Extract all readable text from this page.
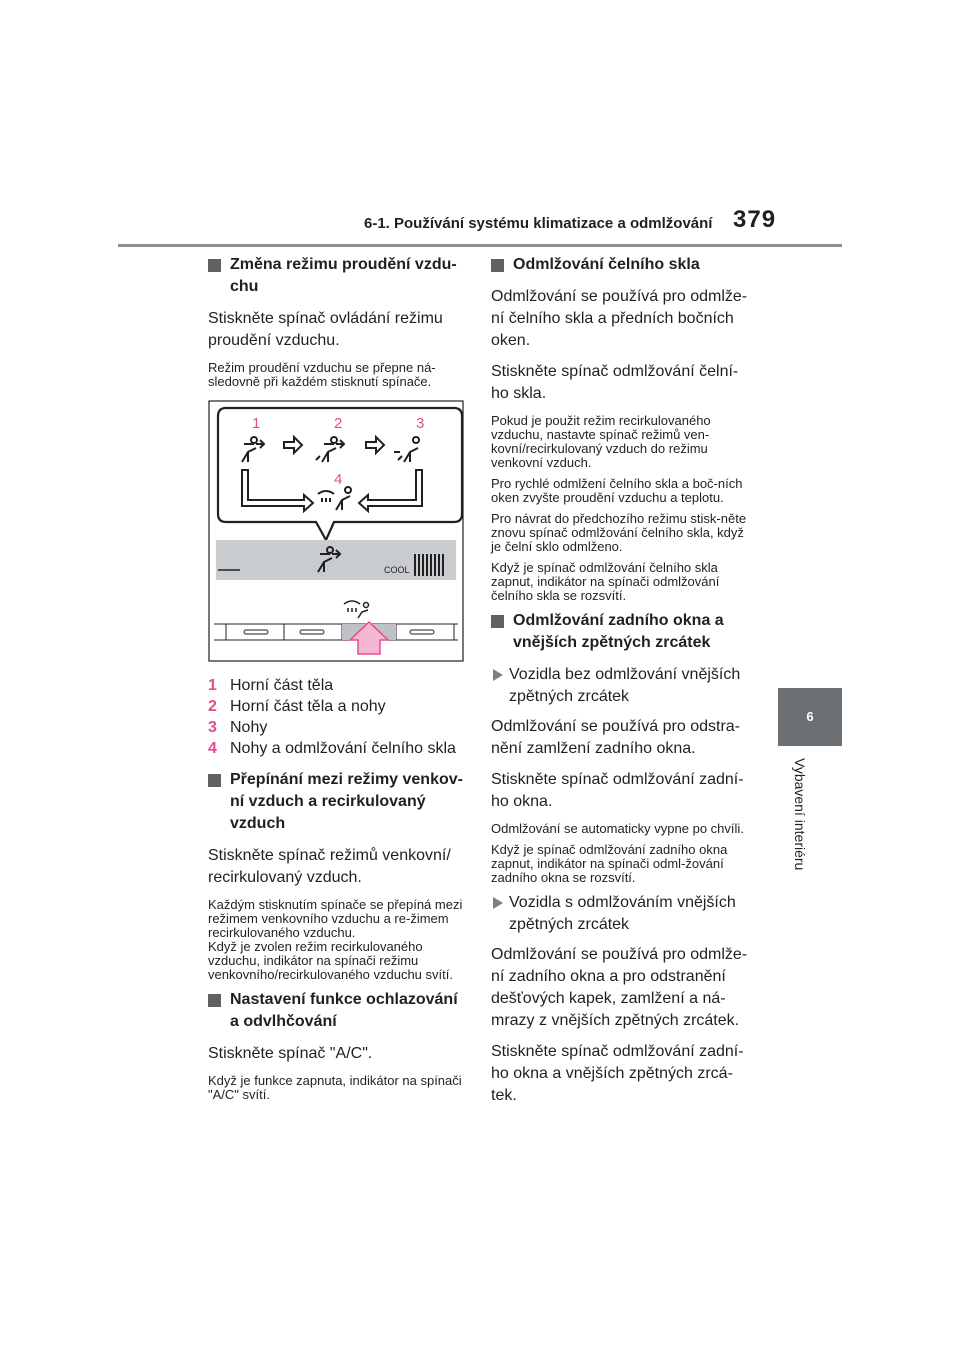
6-1. Používání systému klimatizace a odmlžování 379
6
Vybavení interiéru
Změna režimu proudění vzdu-chu
Stiskněte spínač ovládání režimu proudění vzduchu.
Režim proudění vzduchu se přepne ná-sledovně při každém stisknutí spínače.
1	2	3
4
COOL
1 Horní část těla
2 Horní část těla a nohy
3 Nohy
4 Nohy a odmlžování čelního skla
Přepínání mezi režimy venkov-ní vzduch a recirkulovaný vzduch
Stiskněte spínač režimů venkovní/ recirkulovaný vzduch.
Každým stisknutím spínače se přepíná mezi režimem venkovního vzduchu a re-žimem recirkulovaného vzduchu.
Když je zvolen režim recirkulovaného vzduchu, indikátor na spínači režimu venkovního/recirkulovaného vzduchu svítí.
Nastavení funkce ochlazování a odvlhčování
Stiskněte spínač "A/C".
Když je funkce zapnuta, indikátor na spínači "A/C" svítí.
Odmlžování čelního skla
Odmlžování se používá pro odmlže-ní čelního skla a předních bočních oken.
Stiskněte spínač odmlžování čelní-ho skla.
Pokud je použit režim recirkulovaného vzduchu, nastavte spínač režimů ven-kovní/recirkulovaný vzduch do režimu venkovní vzduch.
Pro rychlé odmlžení čelního skla a boč-ních oken zvyšte proudění vzduchu a teplotu.
Pro návrat do předchozího režimu stisk-něte znovu spínač odmlžování čelního skla, když je čelní sklo odmlženo.
Když je spínač odmlžování čelního skla zapnut, indikátor na spínači odmlžování čelního skla se rozsvítí.
Odmlžování zadního okna a vnějších zpětných zrcátek
Vozidla bez odmlžování vnějších zpětných zrcátek
Odmlžování se používá pro odstra-nění zamlžení zadního okna.
Stiskněte spínač odmlžování zadní-ho okna.
Odmlžování se automaticky vypne po chvíli.
Když je spínač odmlžování zadního okna zapnut, indikátor na spínači odml-žování zadního okna se rozsvítí.
Vozidla s odmlžováním vnějších zpětných zrcátek
Odmlžování se používá pro odmlže-ní zadního okna a pro odstranění dešťových kapek, zamlžení a ná-mrazy z vnějších zpětných zrcátek.
Stiskněte spínač odmlžování zadní-ho okna a vnějších zpětných zrcá-tek.
